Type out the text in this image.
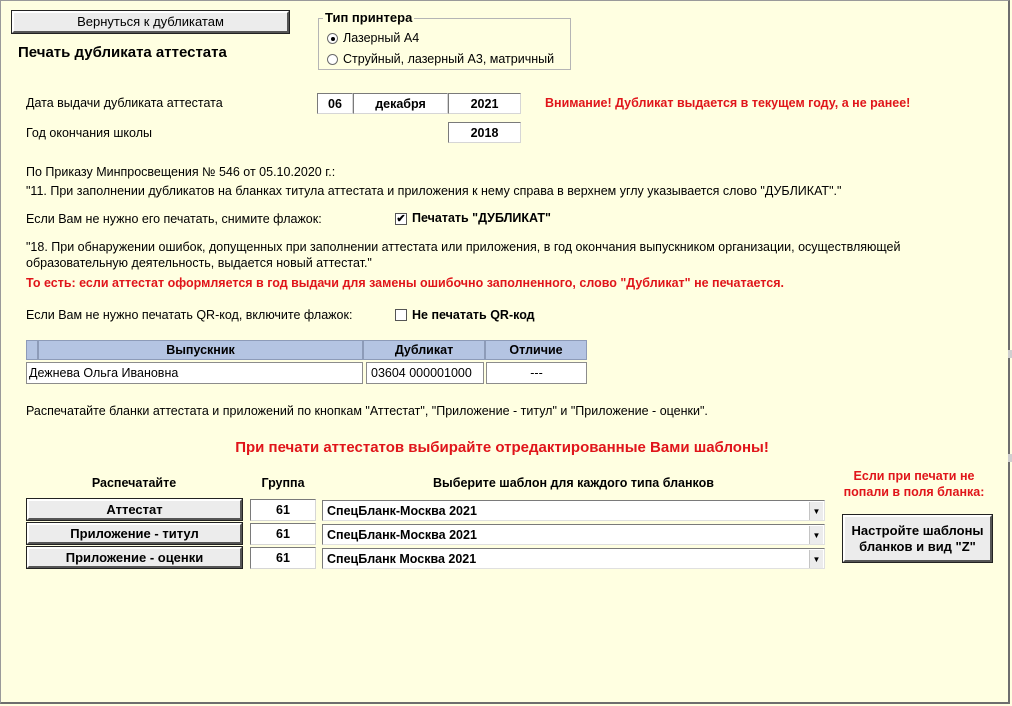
Вернуться к дубликатам
Печать дубликата аттестата
Тип принтера
Лазерный А4
Струйный, лазерный А3, матричный
Дата выдачи дубликата аттестата	06	декабря	2021	Внимание! Дубликат выдается в текущем году, а не ранее!
Год окончания школы	2018
По Приказу Минпросвещения № 546 от 05.10.2020 г.:
"11. При заполнении дубликатов на бланках титула аттестата и приложения к нему справа в верхнем углу указывается слово "ДУБЛИКАТ"."
Если Вам не нужно его печатать, снимите флажок:	✔ Печатать "ДУБЛИКАТ"
"18. При обнаружении ошибок, допущенных при заполнении аттестата или приложения, в год окончания выпускником организации, осуществляющей
образовательную деятельность, выдается новый аттестат."
То есть: если аттестат оформляется в год выдачи для замены ошибочно заполненного, слово "Дубликат" не печатается.
Если Вам не нужно печатать QR-код, включите флажок:	Не печатать QR-код
Выпускник	Дубликат	Отличие
Дежнева Ольга Ивановна	03604 000001000	---
Распечатайте бланки аттестата и приложений по кнопкам "Аттестат", "Приложение - титул" и "Приложение - оценки".
При печати аттестатов выбирайте отредактированные Вами шаблоны!
Распечатайте	Группа	Выберите шаблон для каждого типа бланков
Аттестат	61	СпецБланк-Москва 2021	▼
Приложение - титул	61	СпецБланк-Москва 2021	▼
Приложение - оценки	61	СпецБланк Москва 2021	▼
Если при печати не
попали в поля бланка:
Настройте шаблоны
бланков и вид "Z"
